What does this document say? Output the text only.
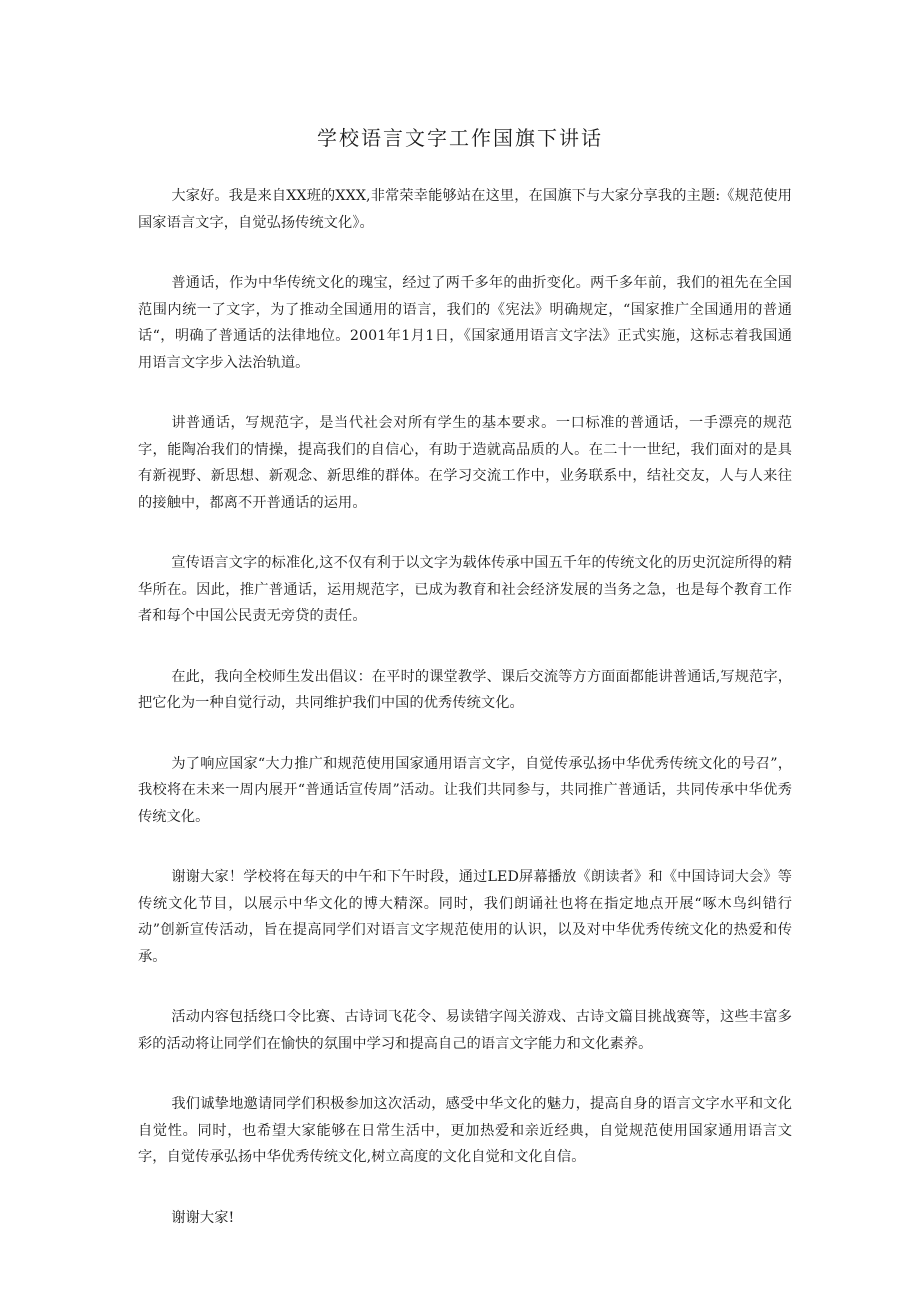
学校语言文字工作国旗下讲话

大家好。我是来自XX班的XXX,非常荣幸能够站在这里，在国旗下与大家分享我的主题:《规范使用国家语言文字，自觉弘扬传统文化》。

普通话，作为中华传统文化的瑰宝，经过了两千多年的曲折变化。两千多年前，我们的祖先在全国范围内统一了文字，为了推动全国通用的语言，我们的《宪法》明确规定，“国家推广全国通用的普通话“，明确了普通话的法律地位。2001年1月1日，《国家通用语言文字法》正式实施，这标志着我国通用语言文字步入法治轨道。

讲普通话，写规范字，是当代社会对所有学生的基本要求。一口标准的普通话，一手漂亮的规范字，能陶冶我们的情操，提高我们的自信心，有助于造就高品质的人。在二十一世纪，我们面对的是具有新视野、新思想、新观念、新思维的群体。在学习交流工作中，业务联系中，结社交友，人与人来往的接触中，都离不开普通话的运用。

宣传语言文字的标准化,这不仅有利于以文字为载体传承中国五千年的传统文化的历史沉淀所得的精华所在。因此，推广普通话，运用规范字，已成为教育和社会经济发展的当务之急，也是每个教育工作者和每个中国公民责无旁贷的责任。

在此，我向全校师生发出倡议：在平时的课堂教学、课后交流等方方面面都能讲普通话,写规范字，把它化为一种自觉行动，共同维护我们中国的优秀传统文化。

为了响应国家“大力推广和规范使用国家通用语言文字，自觉传承弘扬中华优秀传统文化的号召”，我校将在未来一周内展开“普通话宣传周”活动。让我们共同参与，共同推广普通话，共同传承中华优秀传统文化。

谢谢大家！学校将在每天的中午和下午时段，通过LED屏幕播放《朗读者》和《中国诗词大会》等传统文化节目，以展示中华文化的博大精深。同时，我们朗诵社也将在指定地点开展“啄木鸟纠错行动”创新宣传活动，旨在提高同学们对语言文字规范使用的认识，以及对中华优秀传统文化的热爱和传承。

活动内容包括绕口令比赛、古诗词飞花令、易读错字闯关游戏、古诗文篇目挑战赛等，这些丰富多彩的活动将让同学们在愉快的氛围中学习和提高自己的语言文字能力和文化素养。

我们诚挚地邀请同学们积极参加这次活动，感受中华文化的魅力，提高自身的语言文字水平和文化自觉性。同时，也希望大家能够在日常生活中，更加热爱和亲近经典，自觉规范使用国家通用语言文字，自觉传承弘扬中华优秀传统文化,树立高度的文化自觉和文化自信。

谢谢大家!
